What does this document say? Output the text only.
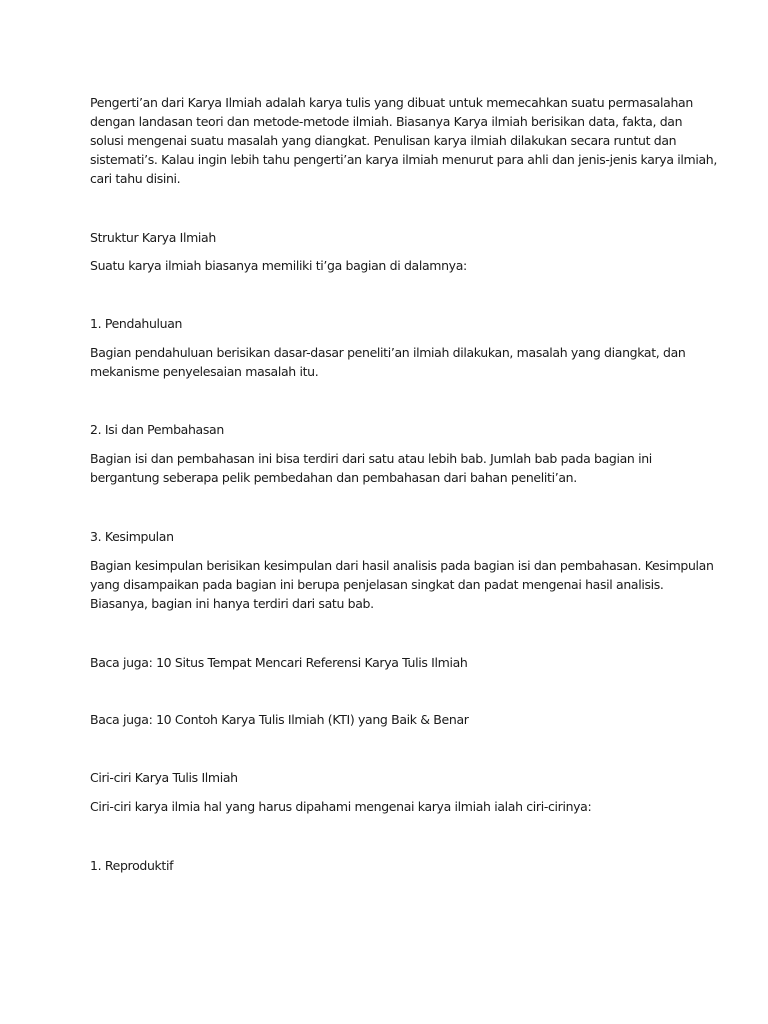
Pengerti’an dari Karya Ilmiah adalah karya tulis yang dibuat untuk memecahkan suatu permasalahan

dengan landasan teori dan metode-metode ilmiah. Biasanya Karya ilmiah berisikan data, fakta, dan

solusi mengenai suatu masalah yang diangkat. Penulisan karya ilmiah dilakukan secara runtut dan

sistemati’s. Kalau ingin lebih tahu pengerti’an karya ilmiah menurut para ahli dan jenis-jenis karya ilmiah,

cari tahu disini.

Struktur Karya Ilmiah

Suatu karya ilmiah biasanya memiliki ti’ga bagian di dalamnya:

1. Pendahuluan

Bagian pendahuluan berisikan dasar-dasar peneliti’an ilmiah dilakukan, masalah yang diangkat, dan

mekanisme penyelesaian masalah itu.

2. Isi dan Pembahasan

Bagian isi dan pembahasan ini bisa terdiri dari satu atau lebih bab. Jumlah bab pada bagian ini

bergantung seberapa pelik pembedahan dan pembahasan dari bahan peneliti’an.

3. Kesimpulan

Bagian kesimpulan berisikan kesimpulan dari hasil analisis pada bagian isi dan pembahasan. Kesimpulan

yang disampaikan pada bagian ini berupa penjelasan singkat dan padat mengenai hasil analisis.

Biasanya, bagian ini hanya terdiri dari satu bab.

Baca juga: 10 Situs Tempat Mencari Referensi Karya Tulis Ilmiah

Baca juga: 10 Contoh Karya Tulis Ilmiah (KTI) yang Baik & Benar

Ciri-ciri Karya Tulis Ilmiah

Ciri-ciri karya ilmia hal yang harus dipahami mengenai karya ilmiah ialah ciri-cirinya:

1. Reproduktif
